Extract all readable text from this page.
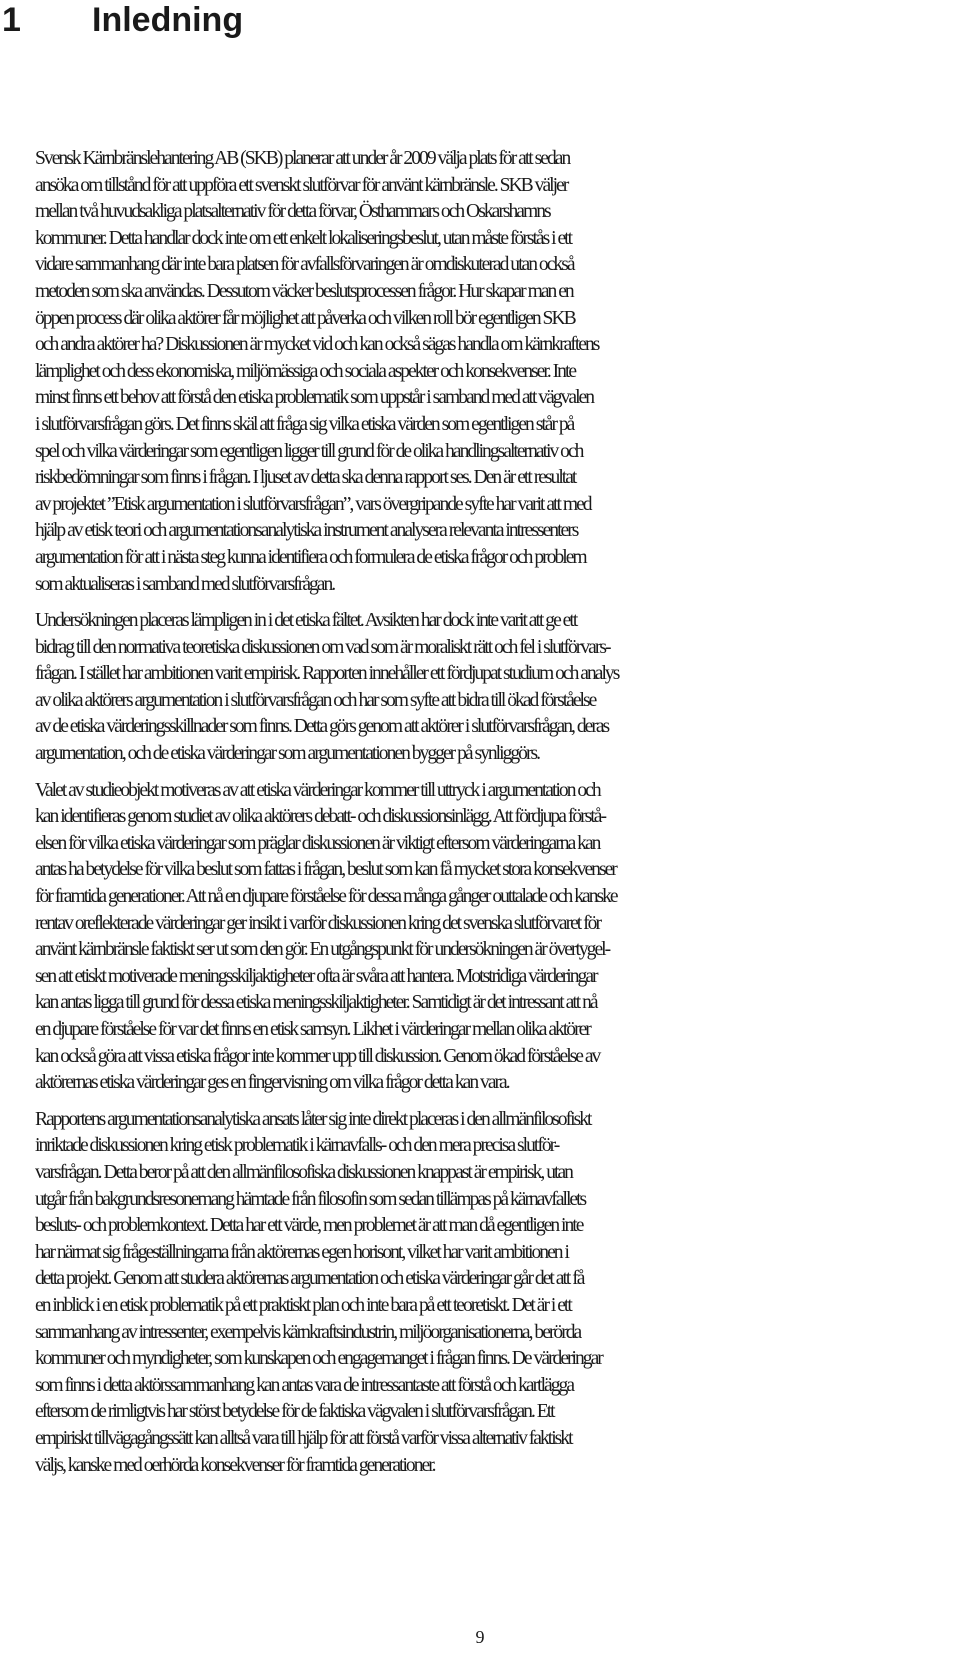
1 Inledning

Svensk Kärnbränslehantering AB (SKB) planerar att under år 2009 välja plats för att sedan
ansöka om tillstånd för att uppföra ett svenskt slutförvar för använt kärnbränsle. SKB väljer
mellan två huvudsakliga platsalternativ för detta förvar, Östhammars och Oskarshamns
kommuner. Detta handlar dock inte om ett enkelt lokaliseringsbeslut, utan måste förstås i ett
vidare sammanhang där inte bara platsen för avfallsförvaringen är omdiskuterad utan också
metoden som ska användas. Dessutom väcker beslutsprocessen frågor. Hur skapar man en
öppen process där olika aktörer får möjlighet att påverka och vilken roll bör egentligen SKB
och andra aktörer ha? Diskussionen är mycket vid och kan också sägas handla om kärnkraftens
lämplighet och dess ekonomiska, miljömässiga och sociala aspekter och konsekvenser. Inte
minst finns ett behov att förstå den etiska problematik som uppstår i samband med att vägvalen
i slutförvarsfrågan görs. Det finns skäl att fråga sig vilka etiska värden som egentligen står på
spel och vilka värderingar som egentligen ligger till grund för de olika handlingsalternativ och
riskbedömningar som finns i frågan. I ljuset av detta ska denna rapport ses. Den är ett resultat
av projektet ”Etisk argumentation i slutförvarsfrågan”, vars övergripande syfte har varit att med
hjälp av etisk teori och argumentationsanalytiska instrument analysera relevanta intressenters
argumentation för att i nästa steg kunna identifiera och formulera de etiska frågor och problem
som aktualiseras i samband med slutförvarsfrågan.

Undersökningen placeras lämpligen in i det etiska fältet. Avsikten har dock inte varit att ge ett
bidrag till den normativa teoretiska diskussionen om vad som är moraliskt rätt och fel i slutförvars-
frågan. I stället har ambitionen varit empirisk. Rapporten innehåller ett fördjupat studium och analys
av olika aktörers argumentation i slutförvarsfrågan och har som syfte att bidra till ökad förståelse
av de etiska värderingsskillnader som finns. Detta görs genom att aktörer i slutförvarsfrågan, deras
argumentation, och de etiska värderingar som argumentationen bygger på synliggörs.

Valet av studieobjekt motiveras av att etiska värderingar kommer till uttryck i argumentation och
kan identifieras genom studiet av olika aktörers debatt- och diskussionsinlägg. Att fördjupa förstå-
elsen för vilka etiska värderingar som präglar diskussionen är viktigt eftersom värderingarna kan
antas ha betydelse för vilka beslut som fattas i frågan, beslut som kan få mycket stora konsekvenser
för framtida generationer. Att nå en djupare förståelse för dessa många gånger outtalade och kanske
rentav oreflekterade värderingar ger insikt i varför diskussionen kring det svenska slutförvaret för
använt kärnbränsle faktiskt ser ut som den gör. En utgångspunkt för undersökningen är övertygel-
sen att etiskt motiverade meningsskiljaktigheter ofta är svåra att hantera. Motstridiga värderingar
kan antas ligga till grund för dessa etiska meningsskiljaktigheter. Samtidigt är det intressant att nå
en djupare förståelse för var det finns en etisk samsyn. Likhet i värderingar mellan olika aktörer
kan också göra att vissa etiska frågor inte kommer upp till diskussion. Genom ökad förståelse av
aktörernas etiska värderingar ges en fingervisning om vilka frågor detta kan vara.

Rapportens argumentationsanalytiska ansats låter sig inte direkt placeras i den allmänfilosofiskt
inriktade diskussionen kring etisk problematik i kärnavfalls- och den mera precisa slutför-
varsfrågan. Detta beror på att den allmänfilosofiska diskussionen knappast är empirisk, utan
utgår från bakgrundsresonemang hämtade från filosofin som sedan tillämpas på kärnavfallets
besluts- och problemkontext. Detta har ett värde, men problemet är att man då egentligen inte
har närmat sig frågeställningarna från aktörernas egen horisont, vilket har varit ambitionen i
detta projekt. Genom att studera aktörernas argumentation och etiska värderingar går det att få
en inblick i en etisk problematik på ett praktiskt plan och inte bara på ett teoretiskt. Det är i ett
sammanhang av intressenter, exempelvis kärnkraftsindustrin, miljöorganisationerna, berörda
kommuner och myndigheter, som kunskapen och engagemanget i frågan finns. De värderingar
som finns i detta aktörssammanhang kan antas vara de intressantaste att förstå och kartlägga
eftersom de rimligtvis har störst betydelse för de faktiska vägvalen i slutförvarsfrågan. Ett
empiriskt tillvägagångssätt kan alltså vara till hjälp för att förstå varför vissa alternativ faktiskt
väljs, kanske med oerhörda konsekvenser för framtida generationer.

9
